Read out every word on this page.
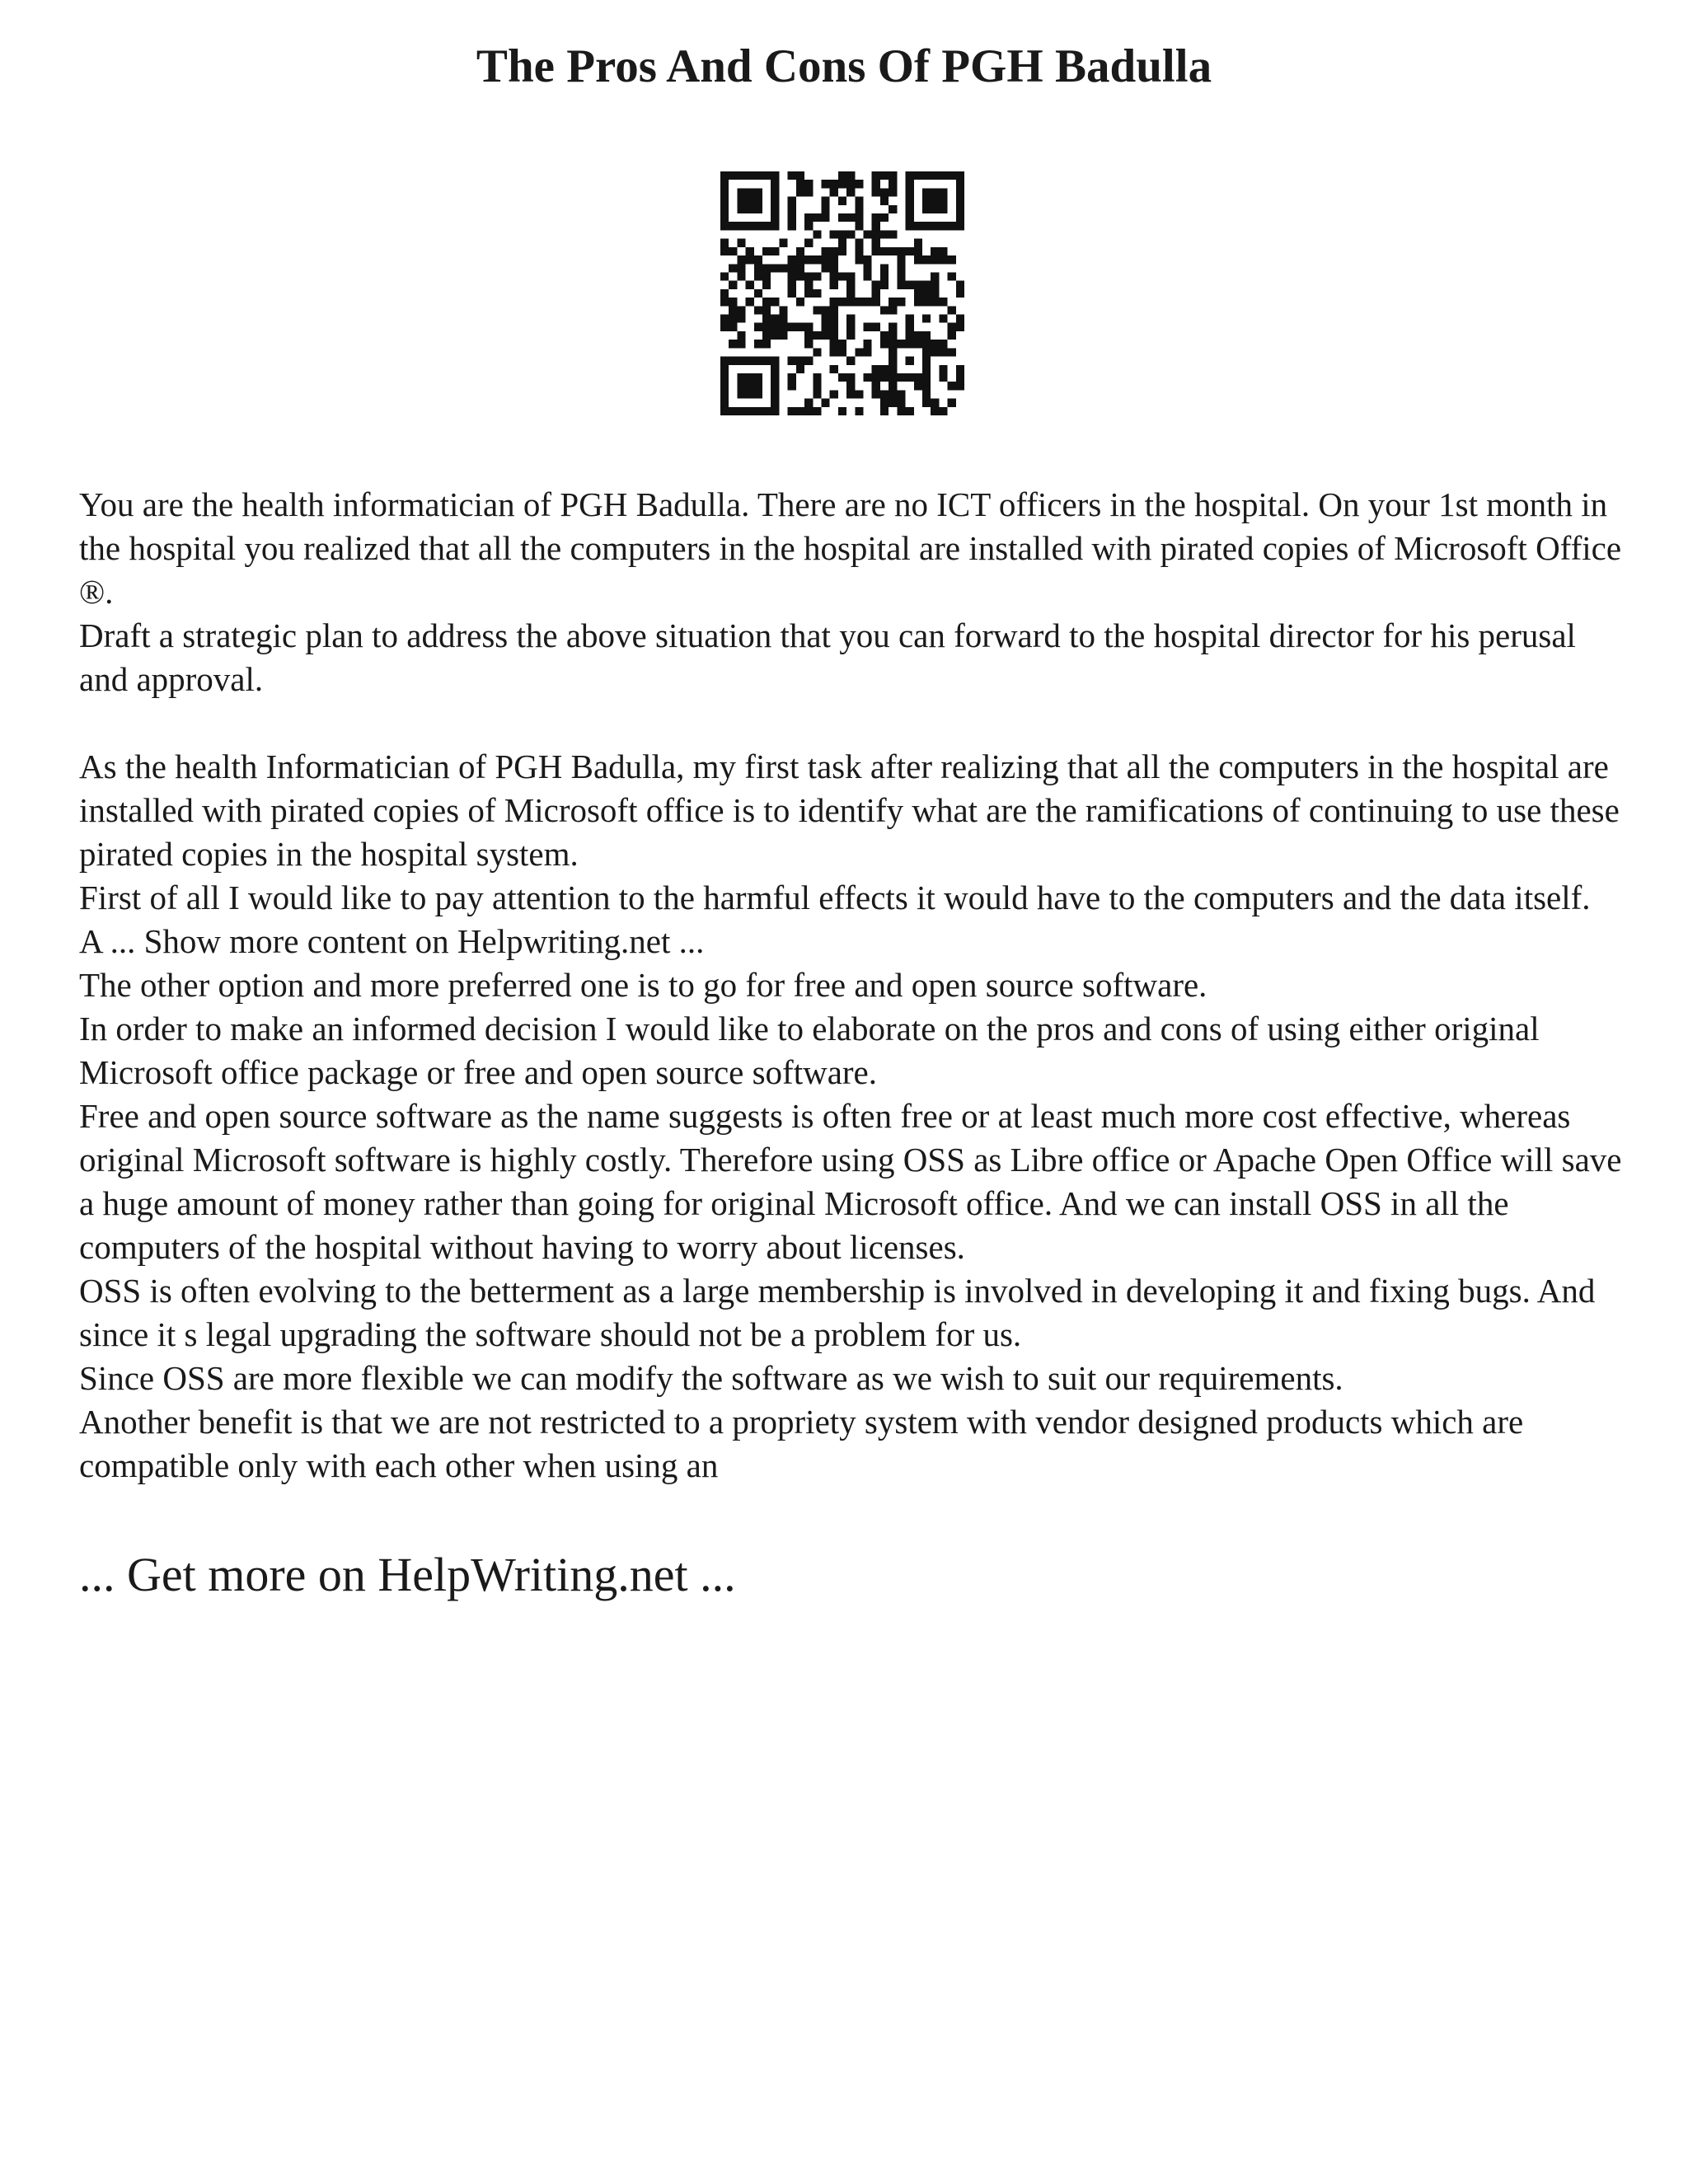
The Pros And Cons Of PGH Badulla

You are the health informatician of PGH Badulla. There are no ICT officers in the hospital. On your 1st month in the hospital you realized that all the computers in the hospital are installed with pirated copies of Microsoft Office ®.

Draft a strategic plan to address the above situation that you can forward to the hospital director for his perusal and approval.

As the health Informatician of PGH Badulla, my first task after realizing that all the computers in the hospital are installed with pirated copies of Microsoft office is to identify what are the ramifications of continuing to use these pirated copies in the hospital system.

First of all I would like to pay attention to the harmful effects it would have to the computers and the data itself.

A ... Show more content on Helpwriting.net ...

The other option and more preferred one is to go for free and open source software.

In order to make an informed decision I would like to elaborate on the pros and cons of using either original Microsoft office package or free and open source software.

Free and open source software as the name suggests is often free or at least much more cost effective, whereas original Microsoft software is highly costly. Therefore using OSS as Libre office or Apache Open Office will save a huge amount of money rather than going for original Microsoft office. And we can install OSS in all the computers of the hospital without having to worry about licenses.

OSS is often evolving to the betterment as a large membership is involved in developing it and fixing bugs. And since it s legal upgrading the software should not be a problem for us.

Since OSS are more flexible we can modify the software as we wish to suit our requirements.

Another benefit is that we are not restricted to a propriety system with vendor designed products which are compatible only with each other when using an

... Get more on HelpWriting.net ...
